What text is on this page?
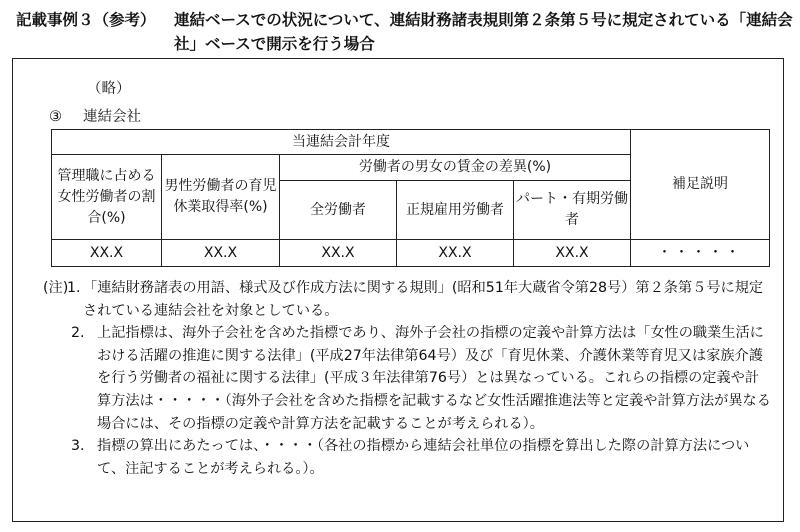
記載事例３（参考） 連結ベースでの状況について、連結財務諸表規則第２条第５号に規定されている「連結会社」ベースで開示を行う場合
（略）
③ 連結会社
当連結会計年度					補足説明
管理職に占める女性労働者の割合(%)	男性労働者の育児休業取得率(%)	労働者の男女の賃金の差異(%)			
		全労働者	正規雇用労働者	パート・有期労働者	
XX.X	XX.X	XX.X	XX.X	XX.X	・・・・・
(注)
1. 「連結財務諸表の用語、様式及び作成方法に関する規則」(昭和51年大蔵省令第28号）第２条第５号に規定されている連結会社を対象としている。
2. 上記指標は、海外子会社を含めた指標であり、海外子会社の指標の定義や計算方法は「女性の職業生活における活躍の推進に関する法律」(平成27年法律第64号）及び「育児休業、介護休業等育児又は家族介護を行う労働者の福祉に関する法律」(平成３年法律第76号）とは異なっている。これらの指標の定義や計算方法は・・・・・（海外子会社を含めた指標を記載するなど女性活躍推進法等と定義や計算方法が異なる場合には、その指標の定義や計算方法を記載することが考えられる）。
3. 指標の算出にあたっては、・・・・（各社の指標から連結会社単位の指標を算出した際の計算方法について、注記することが考えられる。）。
